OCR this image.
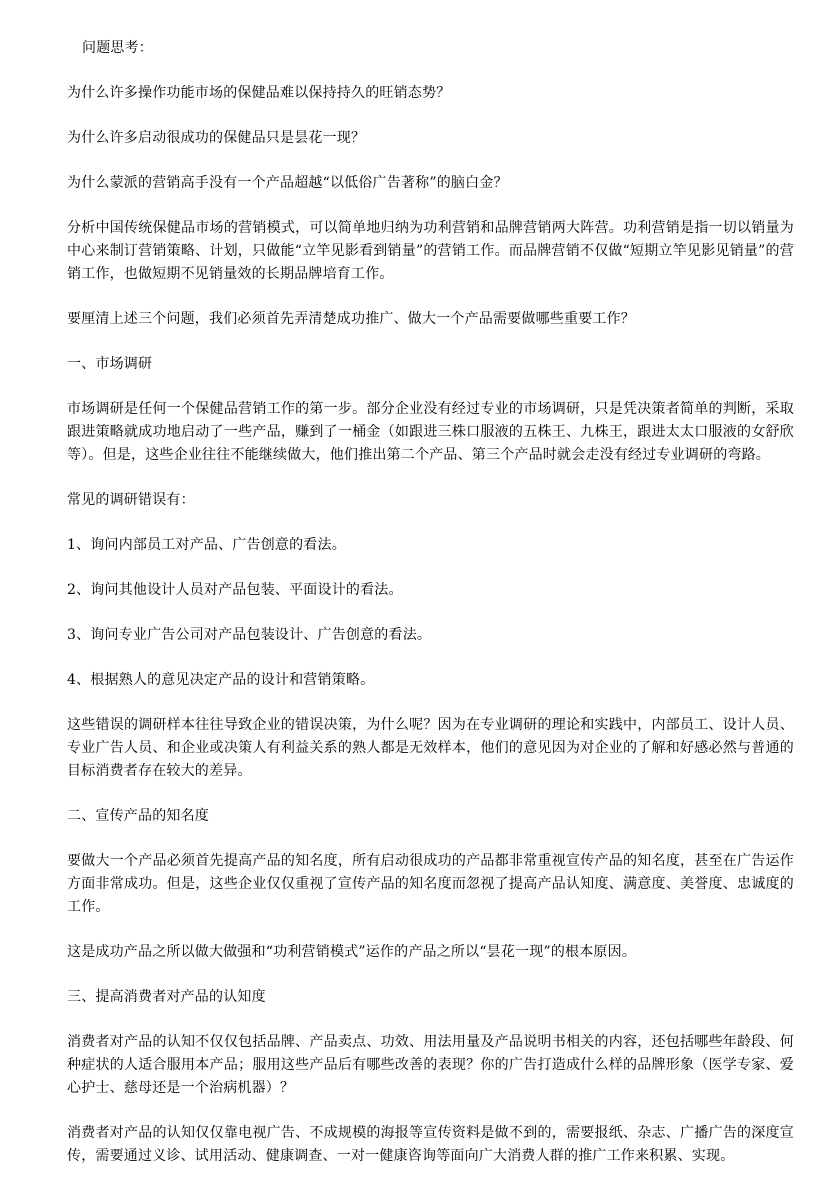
问题思考：

为什么许多操作功能市场的保健品难以保持持久的旺销态势？

为什么许多启动很成功的保健品只是昙花一现？

为什么蒙派的营销高手没有一个产品超越“以低俗广告著称”的脑白金？

分析中国传统保健品市场的营销模式，可以简单地归纳为功利营销和品牌营销两大阵营。功利营销是指一切以销量为中心来制订营销策略、计划，只做能“立竿见影看到销量”的营销工作。而品牌营销不仅做“短期立竿见影见销量”的营销工作，也做短期不见销量效的长期品牌培育工作。

要厘清上述三个问题，我们必须首先弄清楚成功推广、做大一个产品需要做哪些重要工作？

一、市场调研

市场调研是任何一个保健品营销工作的第一步。部分企业没有经过专业的市场调研，只是凭决策者简单的判断，采取跟进策略就成功地启动了一些产品，赚到了一桶金（如跟进三株口服液的五株王、九株王，跟进太太口服液的女舒欣等）。但是，这些企业往往不能继续做大，他们推出第二个产品、第三个产品时就会走没有经过专业调研的弯路。

常见的调研错误有：

1、询问内部员工对产品、广告创意的看法。

2、询问其他设计人员对产品包装、平面设计的看法。

3、询问专业广告公司对产品包装设计、广告创意的看法。

4、根据熟人的意见决定产品的设计和营销策略。

这些错误的调研样本往往导致企业的错误决策，为什么呢？因为在专业调研的理论和实践中，内部员工、设计人员、专业广告人员、和企业或决策人有利益关系的熟人都是无效样本，他们的意见因为对企业的了解和好感必然与普通的目标消费者存在较大的差异。

二、宣传产品的知名度

要做大一个产品必须首先提高产品的知名度，所有启动很成功的产品都非常重视宣传产品的知名度，甚至在广告运作方面非常成功。但是，这些企业仅仅重视了宣传产品的知名度而忽视了提高产品认知度、满意度、美誉度、忠诚度的工作。

这是成功产品之所以做大做强和“功利营销模式”运作的产品之所以“昙花一现”的根本原因。

三、提高消费者对产品的认知度

消费者对产品的认知不仅仅包括品牌、产品卖点、功效、用法用量及产品说明书相关的内容，还包括哪些年龄段、何种症状的人适合服用本产品；服用这些产品后有哪些改善的表现？你的广告打造成什么样的品牌形象（医学专家、爱心护士、慈母还是一个治病机器）？

消费者对产品的认知仅仅靠电视广告、不成规模的海报等宣传资料是做不到的，需要报纸、杂志、广播广告的深度宣传，需要通过义诊、试用活动、健康调查、一对一健康咨询等面向广大消费人群的推广工作来积累、实现。
